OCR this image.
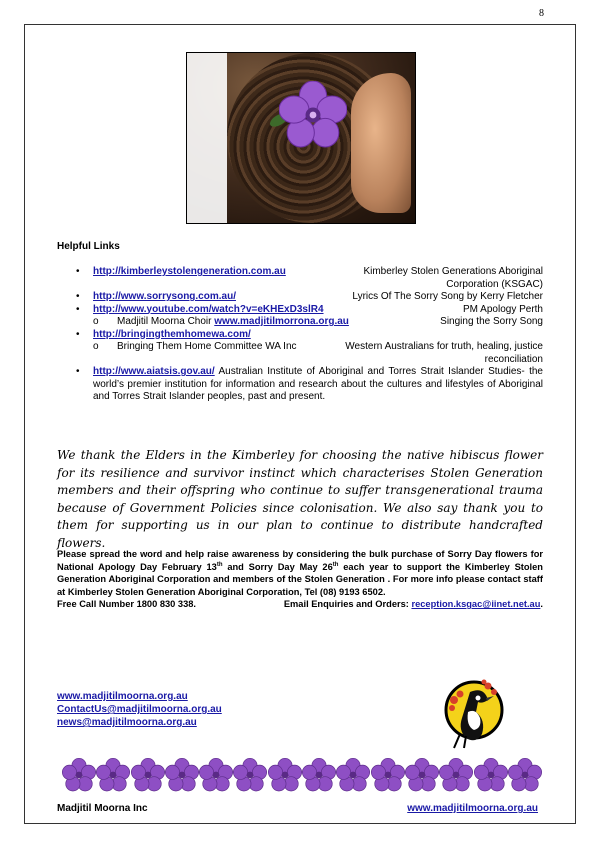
8
Helpful Links
• http://kimberleystolengeneration.com.au	Kimberley Stolen Generations Aboriginal
Corporation (KSGAC)
• http://www.sorrysong.com.au/	Lyrics Of The Sorry Song by Kerry Fletcher
• http://www.youtube.com/watch?v=eKHExD3slR4	PM Apology Perth
o	Madjitil Moorna Choir www.madjitilmorrona.org.au	Singing the Sorry Song
• http://bringingthemhomewa.com/
o	Bringing Them Home Committee WA Inc	Western Australians for truth, healing, justice
reconciliation
• http://www.aiatsis.gov.au/ Australian Institute of Aboriginal and Torres Strait Islander Studies- the world’s premier institution for information and research about the cultures and lifestyles of Aboriginal and Torres Strait Islander peoples, past and present.
We thank the Elders in the Kimberley for choosing the native hibiscus flower for its resilience and survivor instinct which characterises Stolen Generation members and their offspring who continue to suffer transgenerational trauma because of Government Policies since colonisation. We also say thank you to them for supporting us in our plan to continue to distribute handcrafted flowers.
Please spread the word and help raise awareness by considering the bulk purchase of Sorry Day flowers for National Apology Day February 13th and Sorry Day May 26th each year to support the Kimberley Stolen Generation Aboriginal Corporation and members of the Stolen Generation . For more info please contact staff at Kimberley Stolen Generation Aboriginal Corporation, Tel (08) 9193 6502.
Free Call Number 1800 830 338.	Email Enquiries and Orders: reception.ksgac@iinet.net.au.
www.madjitilmoorna.org.au
ContactUs@madjitilmoorna.org.au
news@madjitilmoorna.org.au
Madjitil Moorna Inc	www.madjitilmoorna.org.au
